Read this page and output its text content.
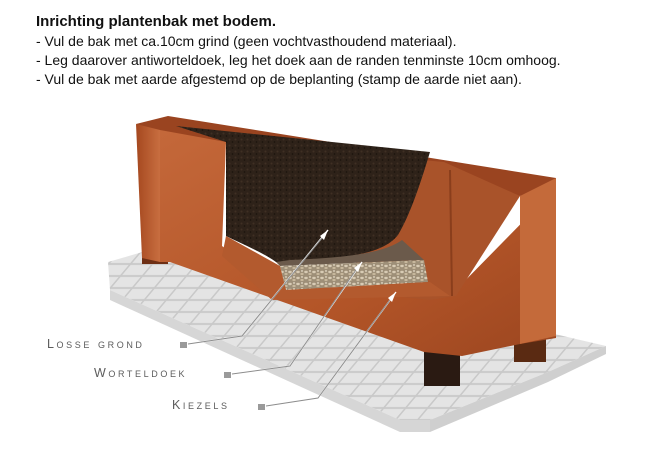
Inrichting plantenbak met bodem.

- Vul de bak met ca.10cm grind (geen vochtvasthoudend materiaal).

- Leg daarover antiworteldoek, leg het doek aan de randen tenminste 10cm omhoog.

- Vul de bak met aarde afgestemd op de beplanting (stamp de aarde niet aan).

Losse grond
Worteldoek
Kiezels
